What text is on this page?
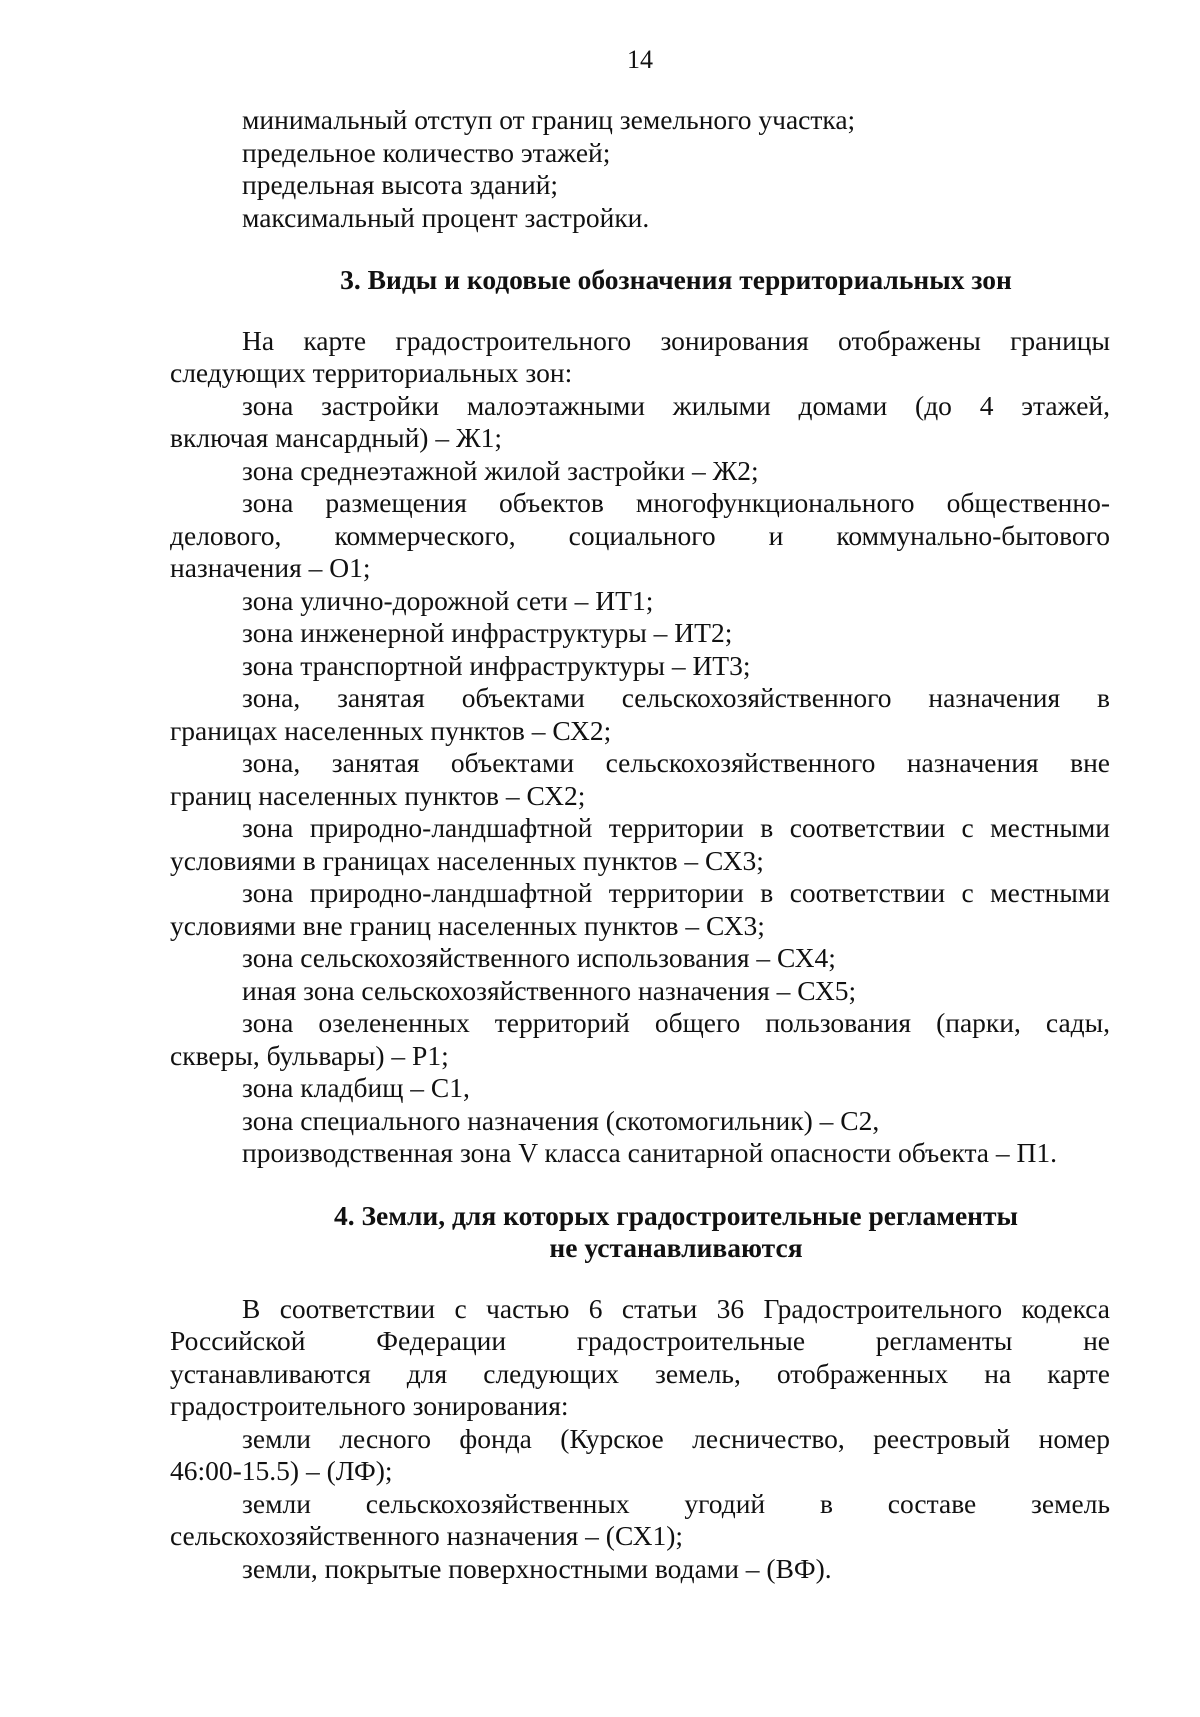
14

минимальный отступ от границ земельного участка;

предельное количество этажей;

предельная высота зданий;

максимальный процент застройки.

3. Виды и кодовые обозначения территориальных зон
На карте градостроительного зонирования отображены границы
следующих территориальных зон:
зона застройки малоэтажными жилыми домами (до 4 этажей,
включая мансардный) – Ж1;
зона среднеэтажной жилой застройки – Ж2;
зона размещения объектов многофункционального общественно-
делового, коммерческого, социального и коммунально-бытового
назначения – О1;
зона улично-дорожной сети – ИТ1;
зона инженерной инфраструктуры – ИТ2;
зона транспортной инфраструктуры – ИТ3;
зона, занятая объектами сельскохозяйственного назначения в
границах населенных пунктов – СХ2;
зона, занятая объектами сельскохозяйственного назначения вне
границ населенных пунктов – СХ2;
зона природно-ландшафтной территории в соответствии с местными
условиями в границах населенных пунктов – СХ3;
зона природно-ландшафтной территории в соответствии с местными
условиями вне границ населенных пунктов – СХ3;
зона сельскохозяйственного использования – СХ4;
иная зона сельскохозяйственного назначения – СХ5;
зона озелененных территорий общего пользования (парки, сады,
скверы, бульвары) – Р1;
зона кладбищ – С1,
зона специального назначения (скотомогильник) – С2,
производственная зона V класса санитарной опасности объекта – П1.
4. Земли, для которых градостроительные регламенты
не устанавливаются
В соответствии с частью 6 статьи 36 Градостроительного кодекса
Российской Федерации градостроительные регламенты не
устанавливаются для следующих земель, отображенных на карте
градостроительного зонирования:
земли лесного фонда (Курское лесничество, реестровый номер
46:00-15.5) – (ЛФ);
земли сельскохозяйственных угодий в составе земель
сельскохозяйственного назначения – (СХ1);
земли, покрытые поверхностными водами – (ВФ).
